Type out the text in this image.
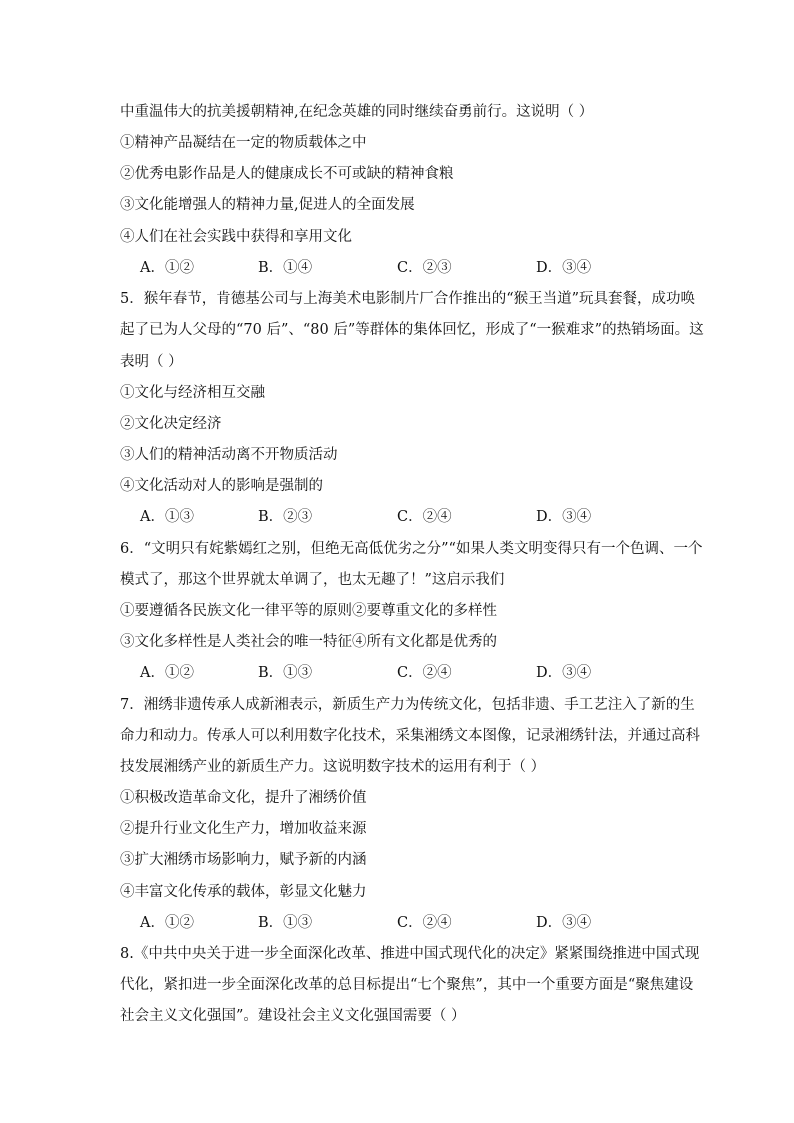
中重温伟大的抗美援朝精神,在纪念英雄的同时继续奋勇前行。这说明（ ）
①精神产品凝结在一定的物质载体之中
②优秀电影作品是人的健康成长不可或缺的精神食粮
③文化能增强人的精神力量,促进人的全面发展
④人们在社会实践中获得和享用文化
A．①②	B．①④	C．②③	D．③④
5．猴年春节，肯德基公司与上海美术电影制片厂合作推出的“猴王当道”玩具套餐，成功唤
起了已为人父母的“70 后”、“80 后”等群体的集体回忆，形成了“一猴难求”的热销场面。这
表明（ ）
①文化与经济相互交融
②文化决定经济
③人们的精神活动离不开物质活动
④文化活动对人的影响是强制的
A．①③	B．②③	C．②④	D．③④
6．“文明只有姹紫嫣红之别，但绝无高低优劣之分”“如果人类文明变得只有一个色调、一个
模式了，那这个世界就太单调了，也太无趣了！”这启示我们
①要遵循各民族文化一律平等的原则②要尊重文化的多样性
③文化多样性是人类社会的唯一特征④所有文化都是优秀的
A．①②	B．①③	C．②④	D．③④
7．湘绣非遗传承人成新湘表示，新质生产力为传统文化，包括非遗、手工艺注入了新的生
命力和动力。传承人可以利用数字化技术，采集湘绣文本图像，记录湘绣针法，并通过高科
技发展湘绣产业的新质生产力。这说明数字技术的运用有利于（ ）
①积极改造革命文化，提升了湘绣价值
②提升行业文化生产力，增加收益来源
③扩大湘绣市场影响力，赋予新的内涵
④丰富文化传承的载体，彰显文化魅力
A．①②	B．①③	C．②④	D．③④
8.《中共中央关于进一步全面深化改革、推进中国式现代化的决定》紧紧围绕推进中国式现
代化，紧扣进一步全面深化改革的总目标提出“七个聚焦”，其中一个重要方面是“聚焦建设
社会主义文化强国”。建设社会主义文化强国需要（ ）
